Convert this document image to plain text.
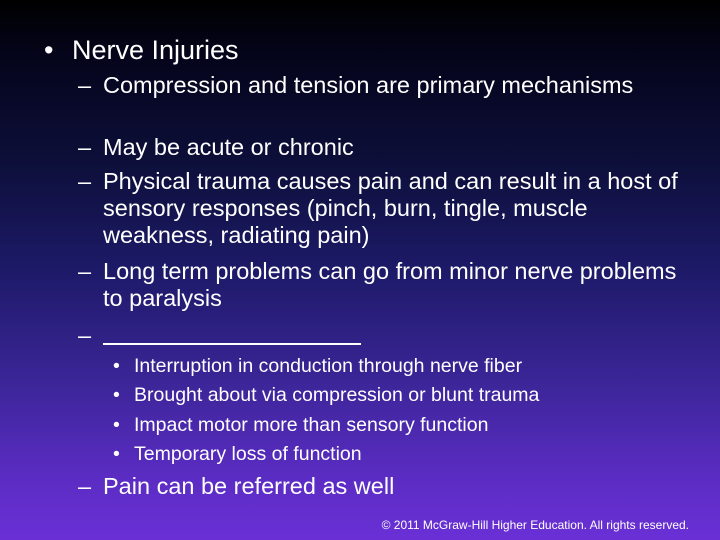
• Nerve Injuries
– Compression and tension are primary mechanisms
– May be acute or chronic
– Physical trauma causes pain and can result in a host of sensory responses (pinch, burn, tingle, muscle weakness, radiating pain)
– Long term problems can go from minor nerve problems to paralysis
–
• Interruption in conduction through nerve fiber
• Brought about via compression or blunt trauma
• Impact motor more than sensory function
• Temporary loss of function
– Pain can be referred as well
© 2011 McGraw-Hill Higher Education. All rights reserved.
